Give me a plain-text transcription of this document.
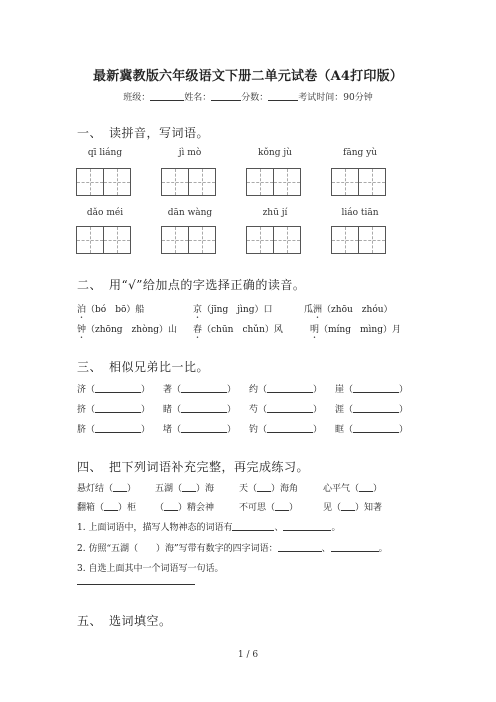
最新冀教版六年级语文下册二单元试卷（A4打印版）
班级：	姓名：	分数：	考试时间：90分钟
一、 读拼音，写词语。
qī liáng	jì mò	kǒng jù	fāng yù
dǎo méi	dān wàng	zhū jí	liáo tiān
二、 用“√”给加点的字选择正确的读音。
泊（bó　bō）船	京（jīng　jìng）口	瓜洲（zhōu　zhóu）
钟（zhōng　zhòng）山 春（chūn　chǔn）风	明（míng　mìng）月
三、 相似兄弟比一比。
济（	） 著（	） 约（	） 崖（	）
挤（	） 睹（	） 芍（	） 涯（	）
脐（	） 堵（	） 钓（	） 眶（	）
四、 把下列词语补充完整，再完成练习。
悬灯结（ ） 五湖（ ）海	天（ ）海角	心平气（ ）
翻箱（ ）柜 （ ）精会神	不可思（ ）	见（ ）知著
1. 上面词语中，描写人物神态的词语有	、	。
2. 仿照“五湖（　　）海”写带有数字的四字词语：	、	。
3. 自选上面其中一个词语写一句话。
五、 选词填空。
1 / 6
